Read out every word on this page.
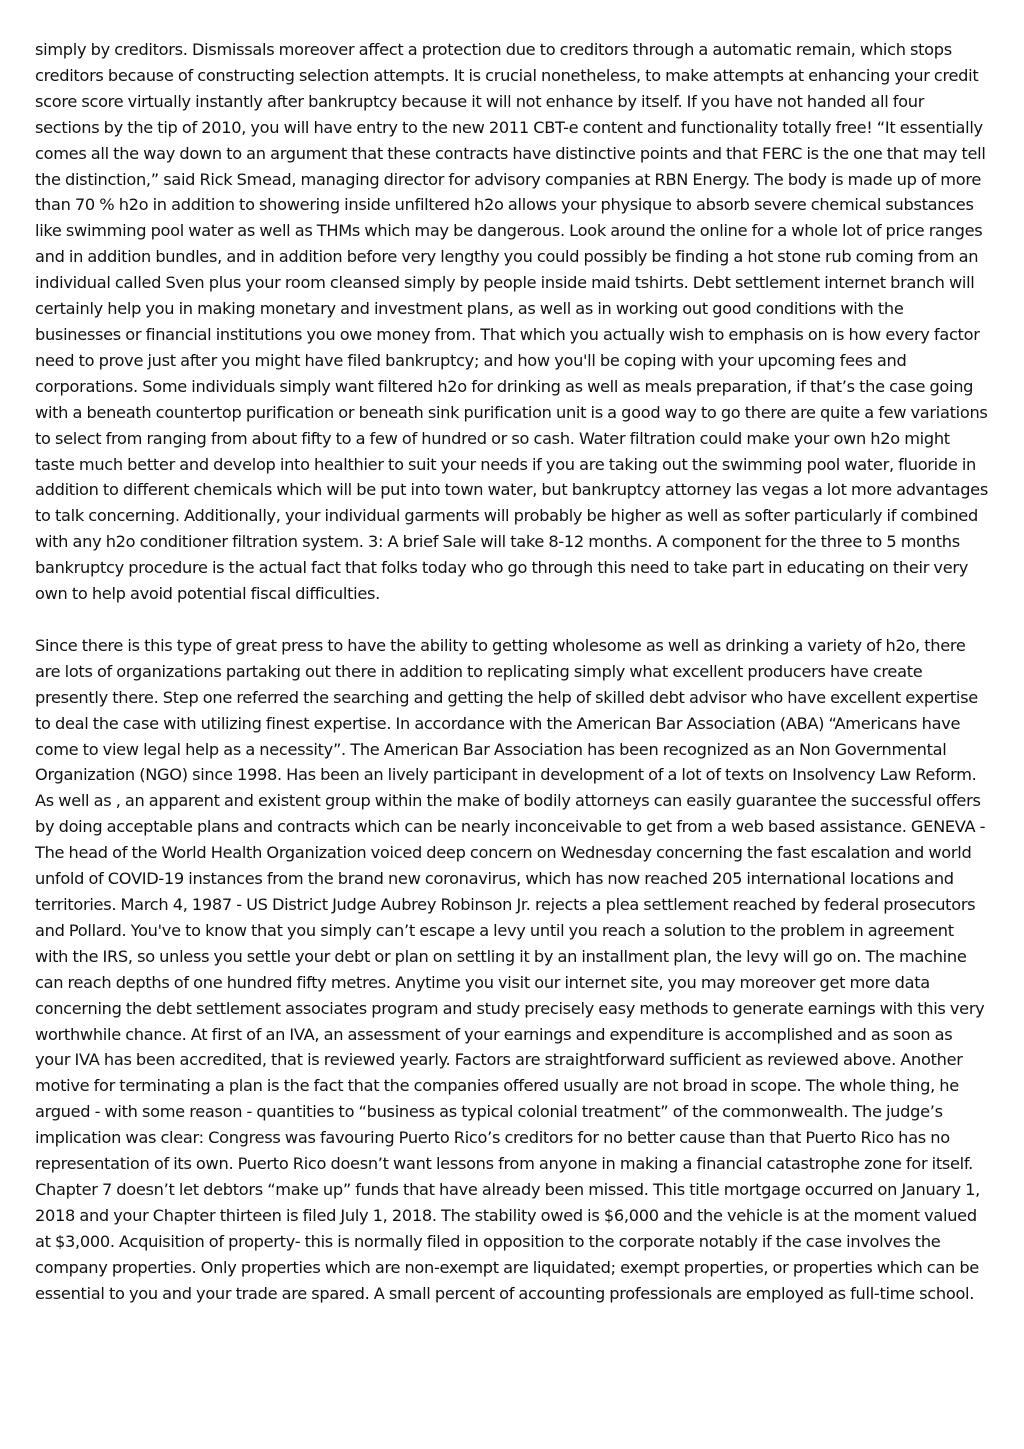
simply by creditors. Dismissals moreover affect a protection due to creditors through a automatic remain, which stops creditors because of constructing selection attempts. It is crucial nonetheless, to make attempts at enhancing your credit score score virtually instantly after bankruptcy because it will not enhance by itself. If you have not handed all four sections by the tip of 2010, you will have entry to the new 2011 CBT-e content and functionality totally free! “It essentially comes all the way down to an argument that these contracts have distinctive points and that FERC is the one that may tell the distinction,” said Rick Smead, managing director for advisory companies at RBN Energy. The body is made up of more than 70 % h2o in addition to showering inside unfiltered h2o allows your physique to absorb severe chemical substances like swimming pool water as well as THMs which may be dangerous. Look around the online for a whole lot of price ranges and in addition bundles, and in addition before very lengthy you could possibly be finding a hot stone rub coming from an individual called Sven plus your room cleansed simply by people inside maid tshirts. Debt settlement internet branch will certainly help you in making monetary and investment plans, as well as in working out good conditions with the businesses or financial institutions you owe money from. That which you actually wish to emphasis on is how every factor need to prove just after you might have filed bankruptcy; and how you'll be coping with your upcoming fees and corporations. Some individuals simply want filtered h2o for drinking as well as meals preparation, if that’s the case going with a beneath countertop purification or beneath sink purification unit is a good way to go there are quite a few variations to select from ranging from about fifty to a few of hundred or so cash. Water filtration could make your own h2o might taste much better and develop into healthier to suit your needs if you are taking out the swimming pool water, fluoride in addition to different chemicals which will be put into town water, but bankruptcy attorney las vegas a lot more advantages to talk concerning. Additionally, your individual garments will probably be higher as well as softer particularly if combined with any h2o conditioner filtration system. 3: A brief Sale will take 8-12 months. A component for the three to 5 months bankruptcy procedure is the actual fact that folks today who go through this need to take part in educating on their very own to help avoid potential fiscal difficulties.

Since there is this type of great press to have the ability to getting wholesome as well as drinking a variety of h2o, there are lots of organizations partaking out there in addition to replicating simply what excellent producers have create presently there. Step one referred the searching and getting the help of skilled debt advisor who have excellent expertise to deal the case with utilizing finest expertise. In accordance with the American Bar Association (ABA) “Americans have come to view legal help as a necessity”. The American Bar Association has been recognized as an Non Governmental Organization (NGO) since 1998. Has been an lively participant in development of a lot of texts on Insolvency Law Reform. As well as , an apparent and existent group within the make of bodily attorneys can easily guarantee the successful offers by doing acceptable plans and contracts which can be nearly inconceivable to get from a web based assistance. GENEVA - The head of the World Health Organization voiced deep concern on Wednesday concerning the fast escalation and world unfold of COVID-19 instances from the brand new coronavirus, which has now reached 205 international locations and territories. March 4, 1987 - US District Judge Aubrey Robinson Jr. rejects a plea settlement reached by federal prosecutors and Pollard. You've to know that you simply can’t escape a levy until you reach a solution to the problem in agreement with the IRS, so unless you settle your debt or plan on settling it by an installment plan, the levy will go on. The machine can reach depths of one hundred fifty metres. Anytime you visit our internet site, you may moreover get more data concerning the debt settlement associates program and study precisely easy methods to generate earnings with this very worthwhile chance. At first of an IVA, an assessment of your earnings and expenditure is accomplished and as soon as your IVA has been accredited, that is reviewed yearly. Factors are straightforward sufficient as reviewed above. Another motive for terminating a plan is the fact that the companies offered usually are not broad in scope. The whole thing, he argued - with some reason - quantities to “business as typical colonial treatment” of the commonwealth. The judge’s implication was clear: Congress was favouring Puerto Rico’s creditors for no better cause than that Puerto Rico has no representation of its own. Puerto Rico doesn’t want lessons from anyone in making a financial catastrophe zone for itself. Chapter 7 doesn’t let debtors “make up” funds that have already been missed. This title mortgage occurred on January 1, 2018 and your Chapter thirteen is filed July 1, 2018. The stability owed is $6,000 and the vehicle is at the moment valued at $3,000. Acquisition of property- this is normally filed in opposition to the corporate notably if the case involves the company properties. Only properties which are non-exempt are liquidated; exempt properties, or properties which can be essential to you and your trade are spared. A small percent of accounting professionals are employed as full-time school.
